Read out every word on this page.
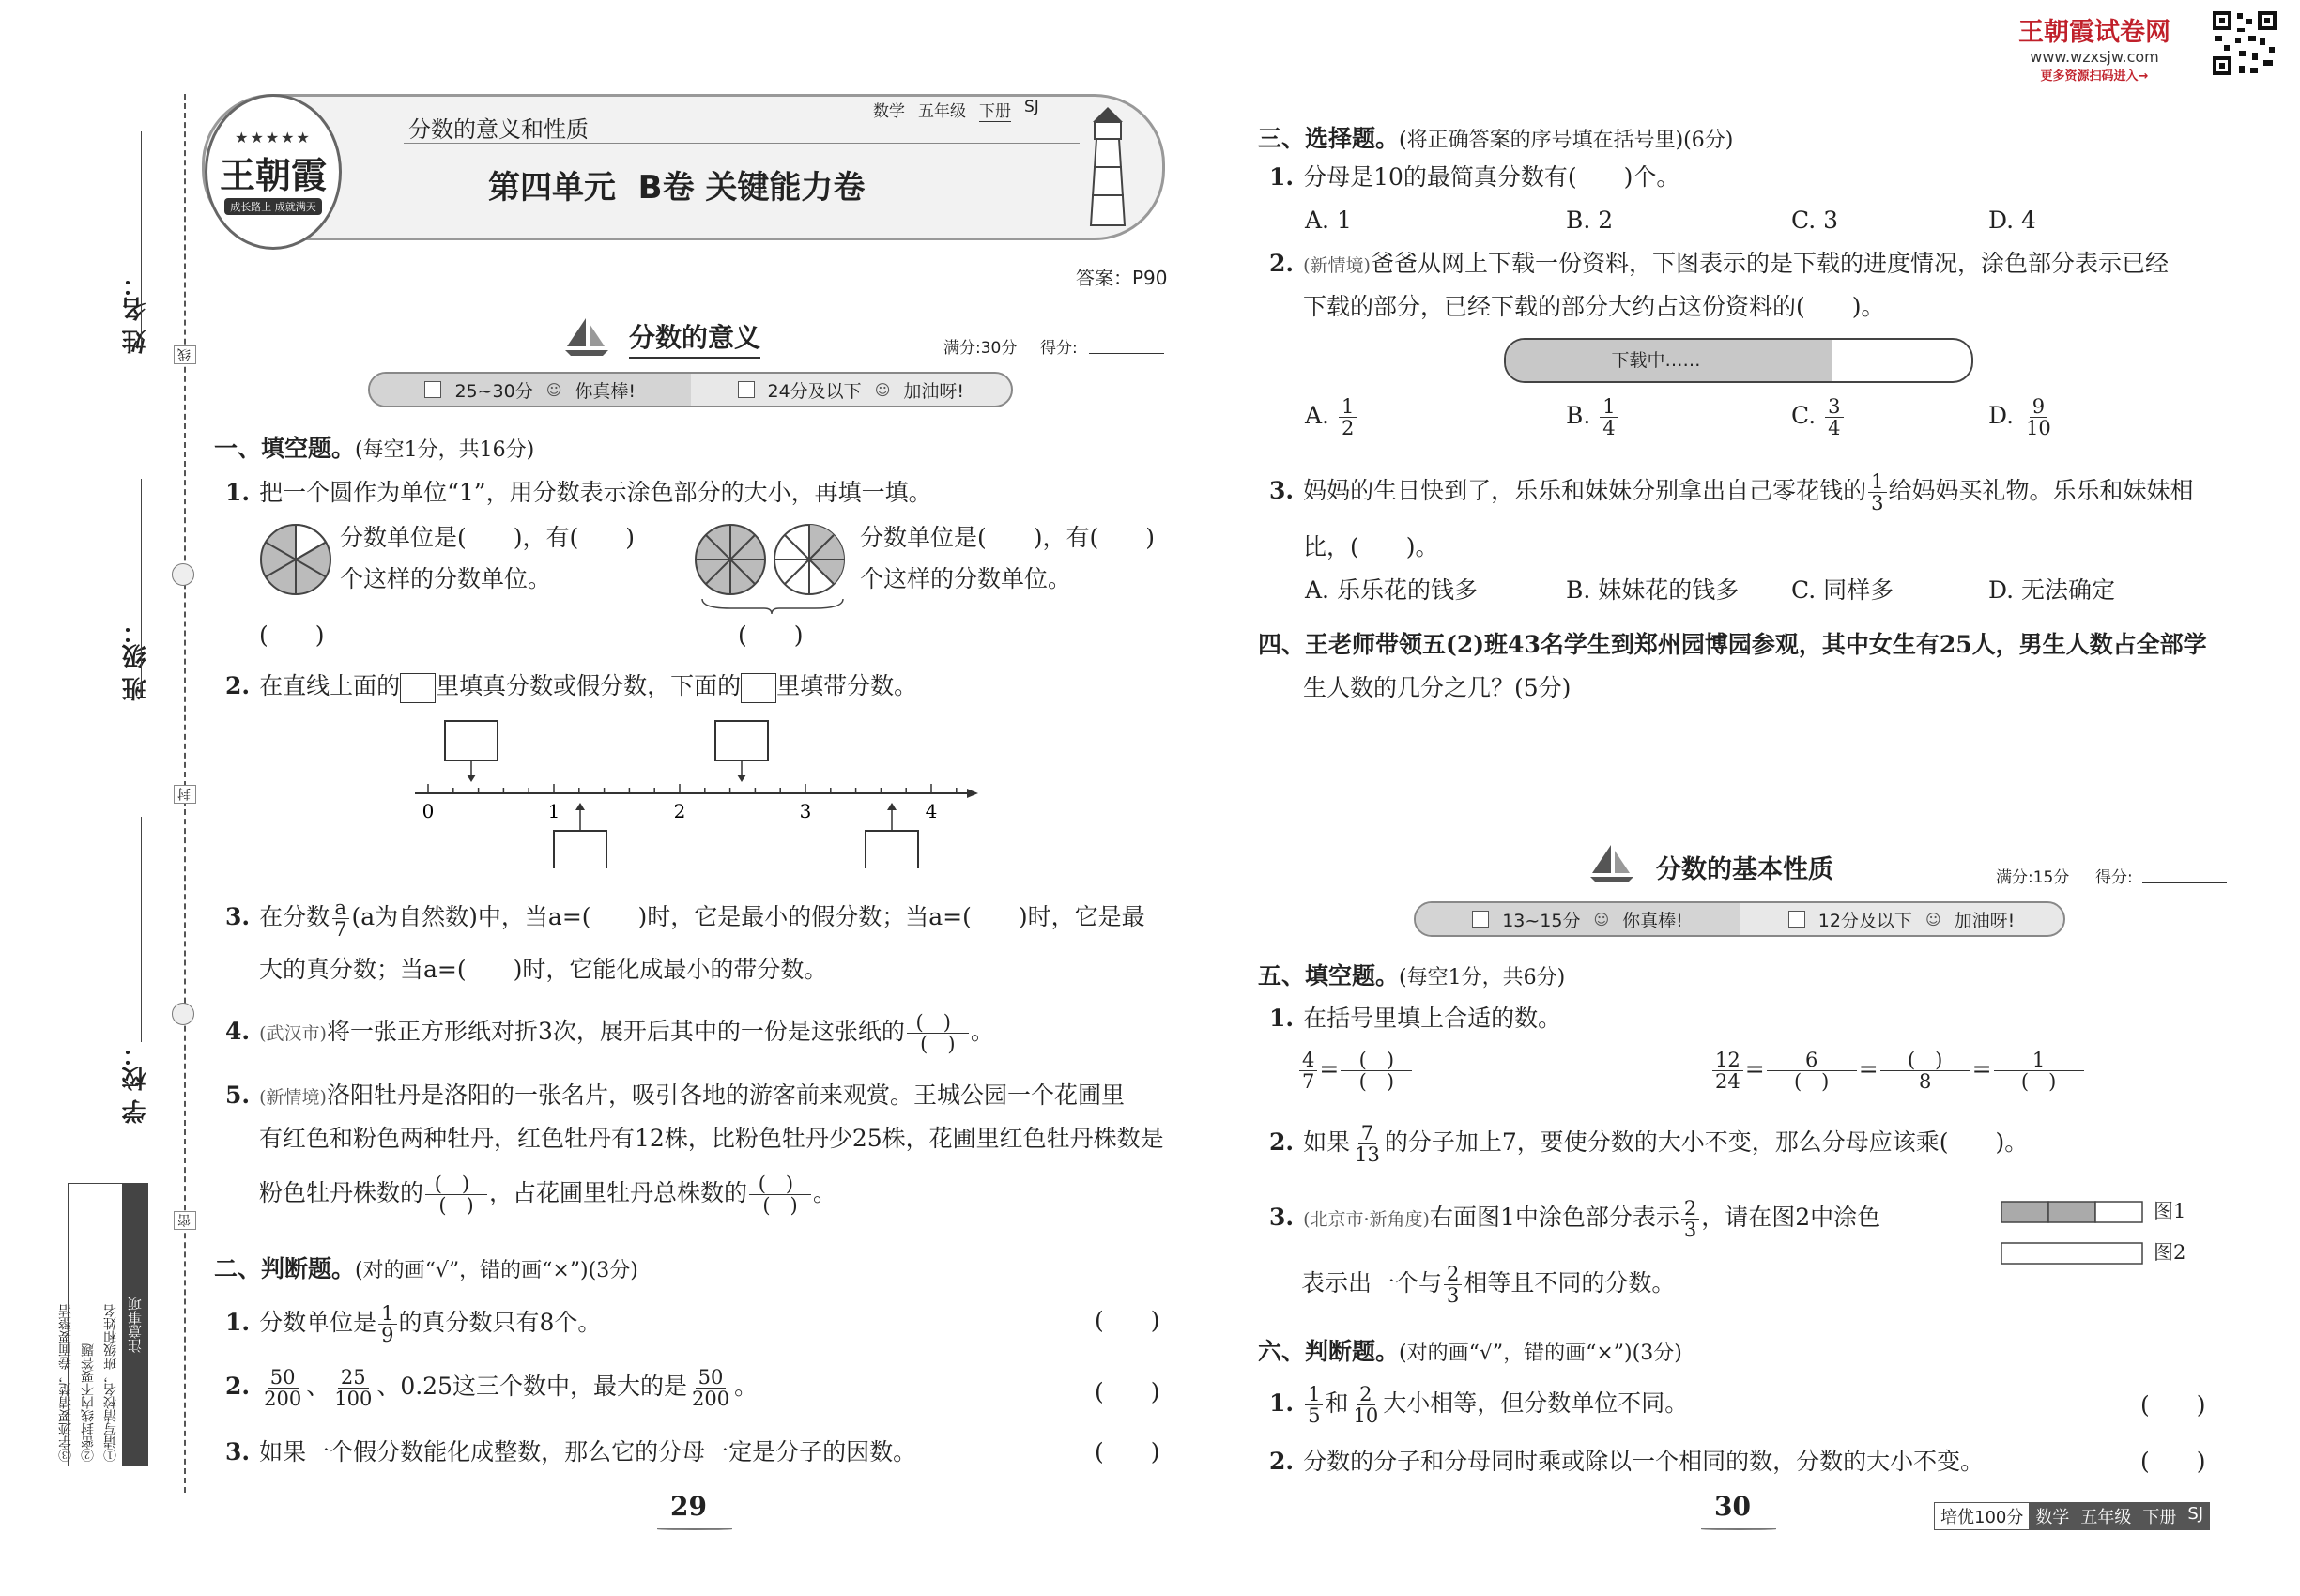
王朝霞试卷网
www.wzxsjw.com
更多资源扫码进入→
姓 名：
班 级：
学 校：
线
封
密
注意事项
①请写清校名，班级和姓名
②密封线内不要答题
③字迹要清楚，卷面要整洁
★★★★★
王朝霞
成长路上 成就满天
分数的意义和性质
数学 五年级 下册 SJ
第四单元  B卷 关键能力卷
答案：P90
分数的意义	满分:30分 得分:
25~30分 ☺ 你真棒!	24分及以下 ☺ 加油呀!
一、填空题。(每空1分，共16分)
1. 把一个圆作为单位“1”，用分数表示涂色部分的大小，再填一填。
分数单位是(　　)，有(　　)
个这样的分数单位。
(　　)
分数单位是(　　)，有(　　)
个这样的分数单位。
(　　)
2. 在直线上面的 里填真分数或假分数，下面的 里填带分数。
0	1	2	3	4
3. 在分数 $\frac{a}{7} (a$为自然数)中，当a=(　　)时，它是最小的假分数；当a=(　　)时，它是最
大的真分数；当a=(　　)时，它能化成最小的带分数。
4. (武汉市)将一张正方形纸对折3次，展开后其中的一份是这张纸的 $\frac{( )}{( )}$ 。
5. (新情境)洛阳牡丹是洛阳的一张名片，吸引各地的游客前来观赏。王城公园一个花圃里
有红色和粉色两种牡丹，红色牡丹有12株，比粉色牡丹少25株，花圃里红色牡丹株数是
粉色牡丹株数的 $\frac{( )}{( )}$ ，占花圃里牡丹总株数的 $\frac{( )}{( )}$ 。
二、判断题。(对的画“√”，错的画“×”)(3分)
1. 分数单位是 $\frac{1}{9}$ 的真分数只有8个。	(　　)
2. $\frac{50}{200}$ 、 $\frac{25}{100}$ 、0.25这三个数中，最大的是 $\frac{50}{200}$ 。	(　　)
3. 如果一个假分数能化成整数，那么它的分母一定是分子的因数。	(　　)
29
三、选择题。(将正确答案的序号填在括号里)(6分)
1. 分母是10的最简真分数有(　　)个。
A. 1	B. 2	C. 3	D. 4
2. (新情境)爸爸从网上下载一份资料，下图表示的是下载的进度情况，涂色部分表示已经
下载的部分，已经下载的部分大约占这份资料的(　　)。
下载中……
A. $\frac{1}{2}$	B. $\frac{1}{4}$	C. $\frac{3}{4}$	D. $\frac{9}{10}$
3. 妈妈的生日快到了，乐乐和妹妹分别拿出自己零花钱的 $\frac{1}{3}$ 给妈妈买礼物。乐乐和妹妹相
比，(　　)。
A. 乐乐花的钱多	B. 妹妹花的钱多 C. 同样多	D. 无法确定
四、王老师带领五(2)班43名学生到郑州园博园参观，其中女生有25人，男生人数占全部学
生人数的几分之几？(5分)
分数的基本性质	满分:15分 得分:
13~15分 ☺ 你真棒!	12分及以下 ☺ 加油呀!
五、填空题。(每空1分，共6分)
1. 在括号里填上合适的数。
$\frac{4}{7} = \frac{( )}{( )}$	$\frac{12}{24} = \frac{6}{( )} = \frac{( )}{8} = \frac{1}{( )}$
2. 如果 $\frac{7}{13}$ 的分子加上7，要使分数的大小不变，那么分母应该乘(　　)。
3. (北京市·新角度)右面图1中涂色部分表示 $\frac{2}{3}$ ，请在图2中涂色
表示出一个与 $\frac{2}{3}$ 相等且不同的分数。
图1
图2
六、判断题。(对的画“√”，错的画“×”)(3分)
1. $\frac{1}{5}$ 和 $\frac{2}{10}$ 大小相等，但分数单位不同。	(　　)
2. 分数的分子和分母同时乘或除以一个相同的数，分数的大小不变。	(　　)
30	培优100分 数学 五年级 下册 SJ
